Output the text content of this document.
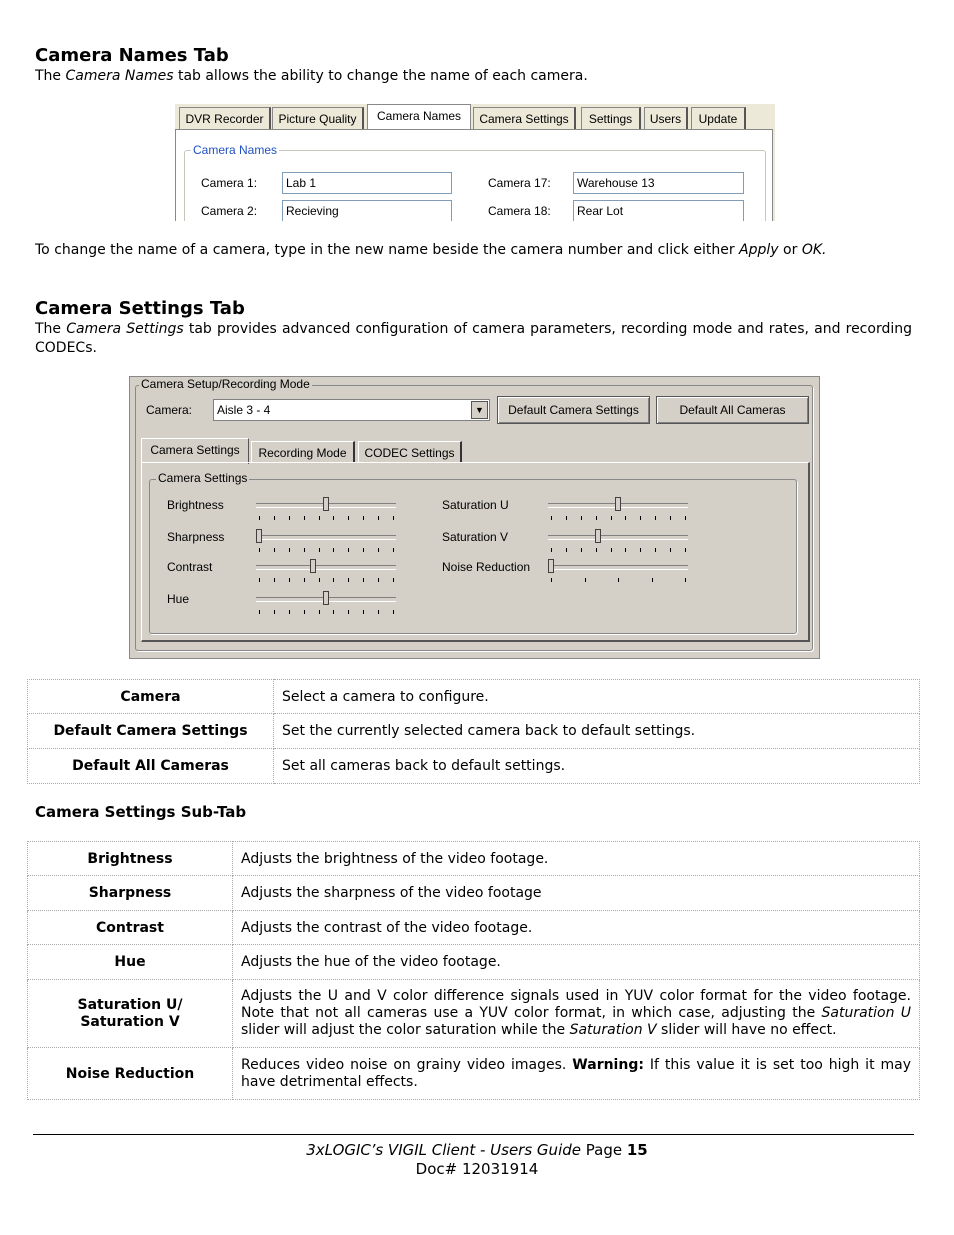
Camera Names Tab

The Camera Names tab allows the ability to change the name of each camera.

DVR Recorder	Picture Quality	Camera Names	Camera Settings	Settings	Users	Update
Camera Names
Camera 1:	Lab 1	Camera 17:	Warehouse 13
Camera 2:	Recieving	Camera 18:	Rear Lot

To change the name of a camera, type in the new name beside the camera number and click either Apply or OK.

Camera Settings Tab

The Camera Settings tab provides advanced configuration of camera parameters, recording mode and rates, and recording CODECs.

Camera Setup/Recording Mode
Camera:	Aisle 3 - 4	▼	Default Camera Settings	Default All Cameras
Camera Settings	Recording Mode	CODEC Settings
Camera Settings
Brightness
Sharpness
Contrast
Hue
Saturation U
Saturation V
Noise Reduction
Camera	Select a camera to configure.
Default Camera Settings	Set the currently selected camera back to default settings.
Default All Cameras	Set all cameras back to default settings.
Camera Settings Sub-Tab
Brightness	Adjusts the brightness of the video footage.
Sharpness	Adjusts the sharpness of the video footage
Contrast	Adjusts the contrast of the video footage.
Hue	Adjusts the hue of the video footage.
Saturation U/
Saturation V	Adjusts the U and V color difference signals used in YUV color format for the video footage. Note that not all cameras use a YUV color format, in which case, adjusting the Saturation U slider will adjust the color saturation while the Saturation V slider will have no effect.
Noise Reduction	Reduces video noise on grainy video images. Warning: If this value it is set too high it may have detrimental effects.
3xLOGIC’s VIGIL Client - Users Guide Page 15
Doc# 12031914
